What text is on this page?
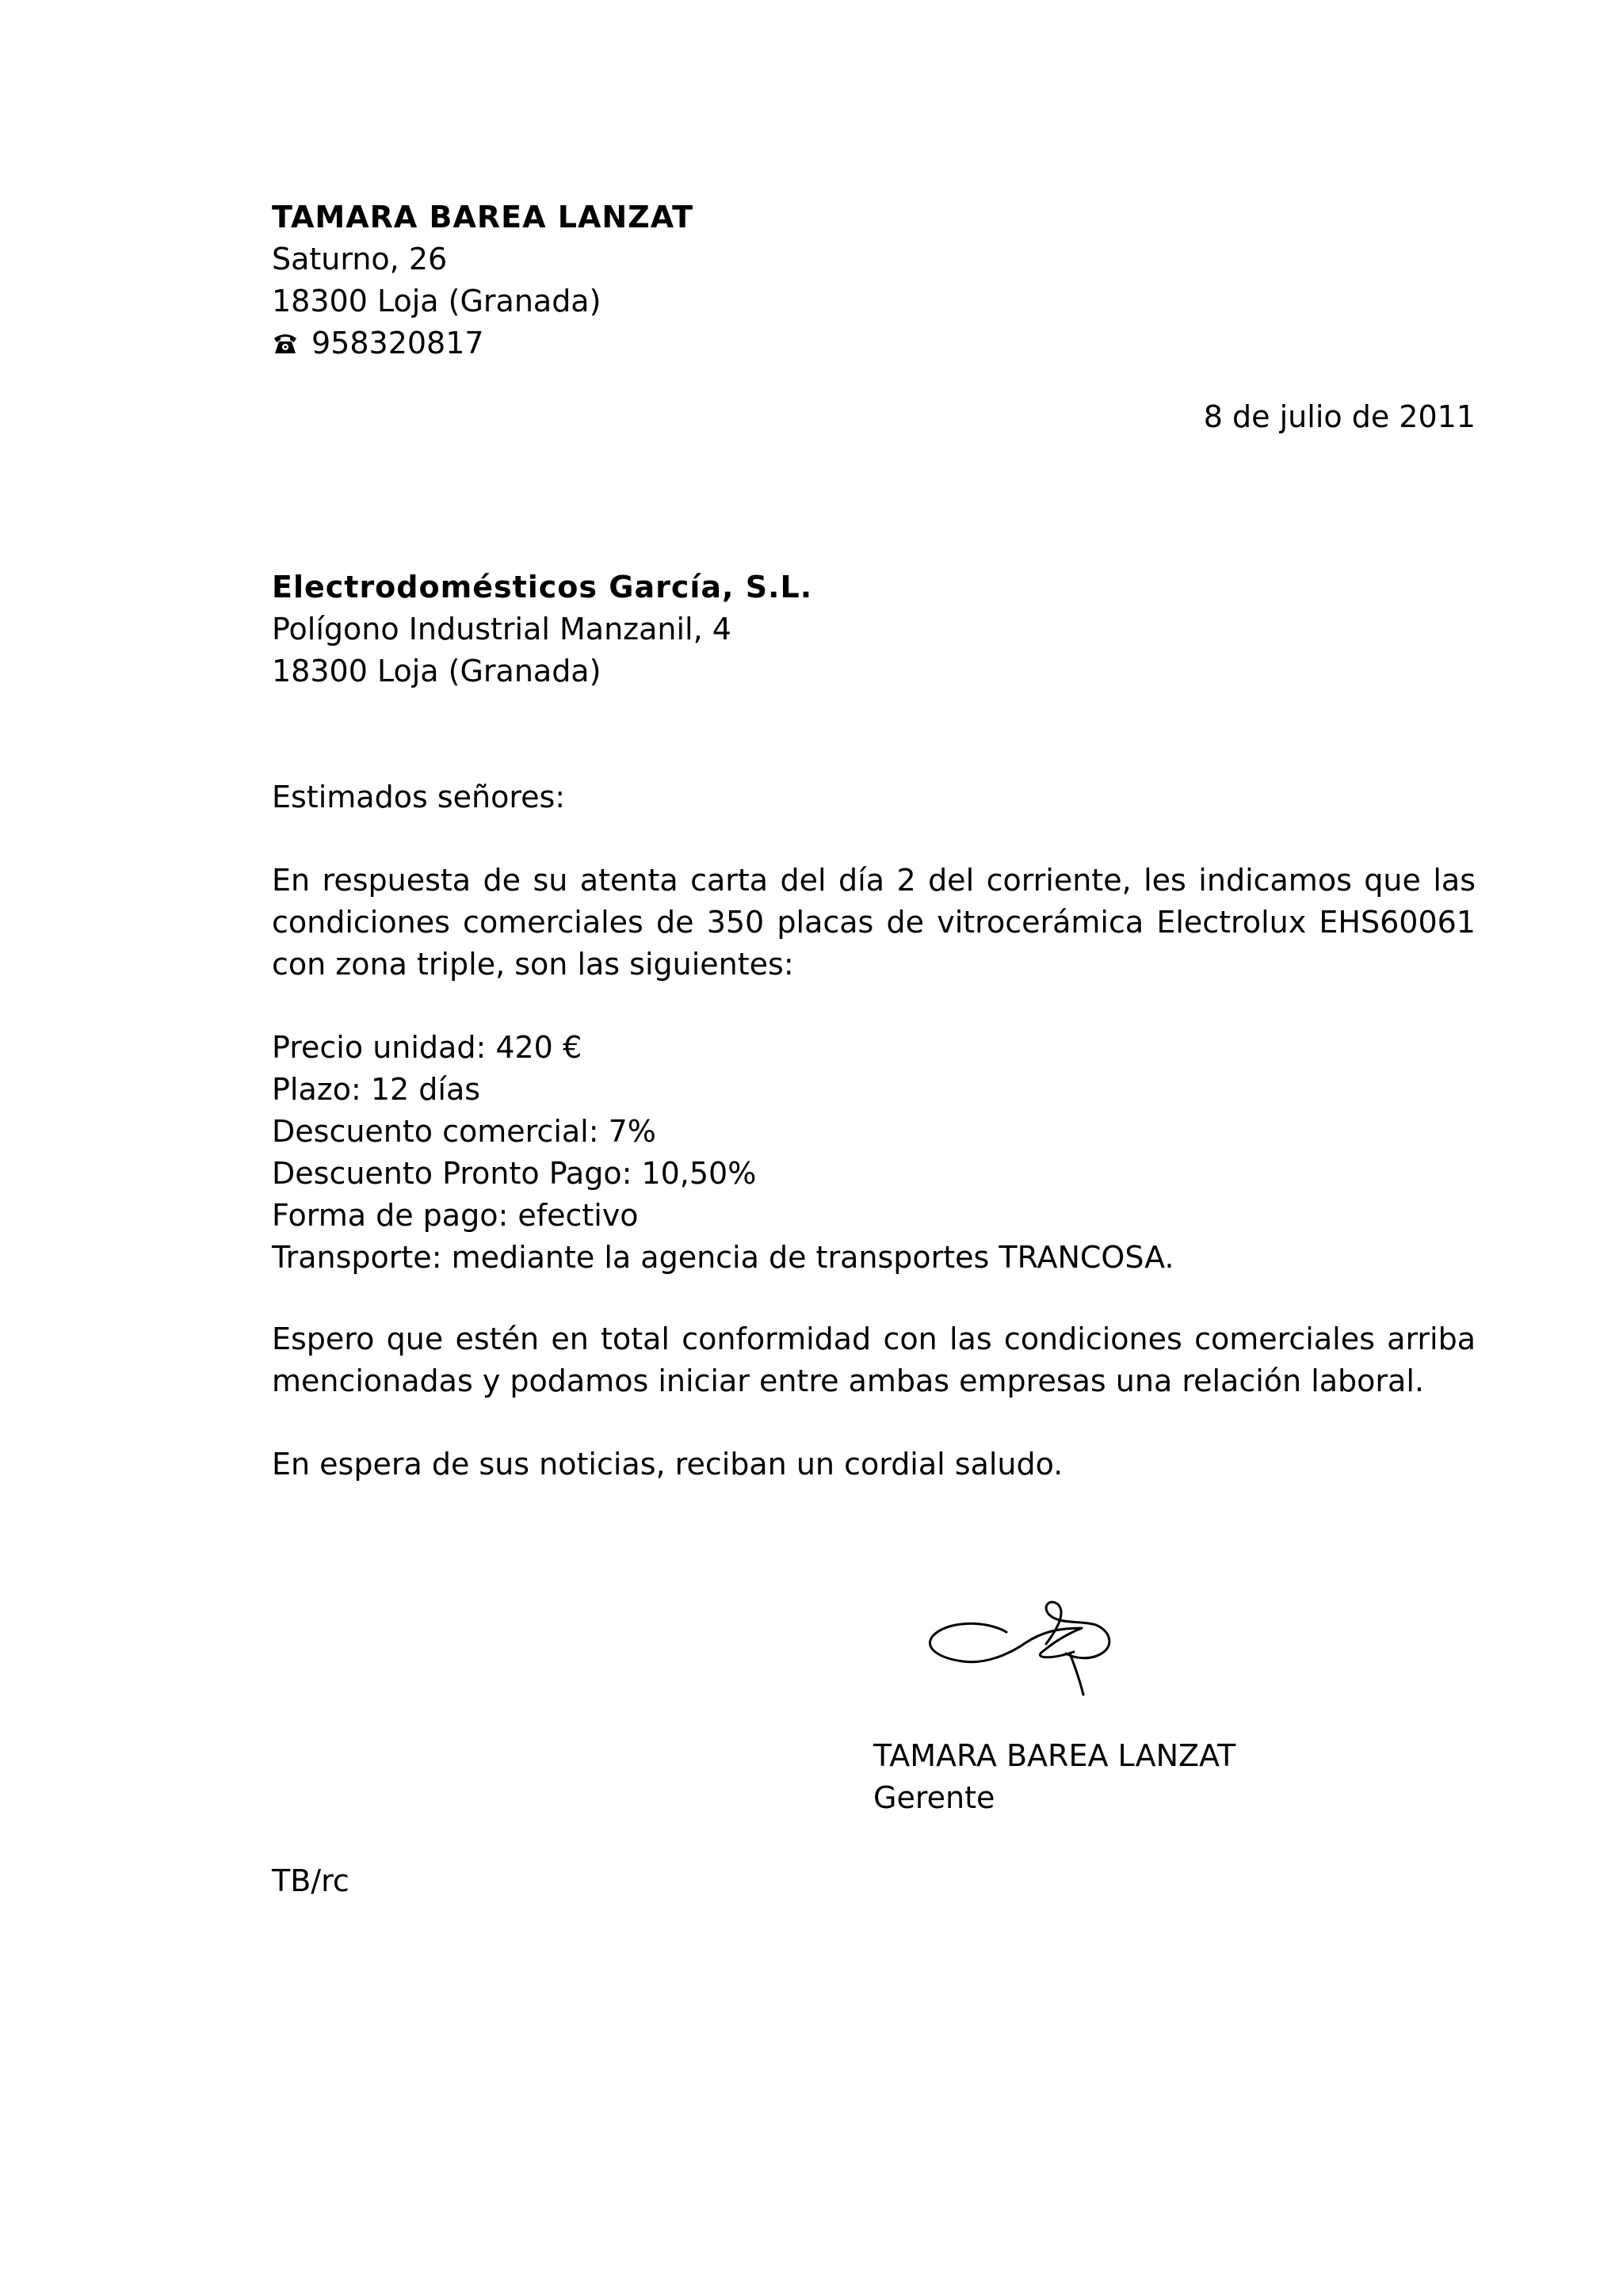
TAMARA BAREA LANZAT
Saturno, 26
18300 Loja (Granada)
958320817
8 de julio de 2011
Electrodomésticos García, S.L.
Polígono Industrial Manzanil, 4
18300 Loja (Granada)
Estimados señores:
En respuesta de su atenta carta del día 2 del corriente, les indicamos que las condiciones comerciales de 350 placas de vitrocerámica Electrolux EHS60061 con zona triple, son las siguientes:
Precio unidad: 420 €
Plazo: 12 días
Descuento comercial: 7%
Descuento Pronto Pago: 10,50%
Forma de pago: efectivo
Transporte: mediante la agencia de transportes TRANCOSA.
Espero que estén en total conformidad con las condiciones comerciales arriba mencionadas y podamos iniciar entre ambas empresas una relación laboral.
En espera de sus noticias, reciban un cordial saludo.
TAMARA BAREA LANZAT
Gerente
TB/rc
